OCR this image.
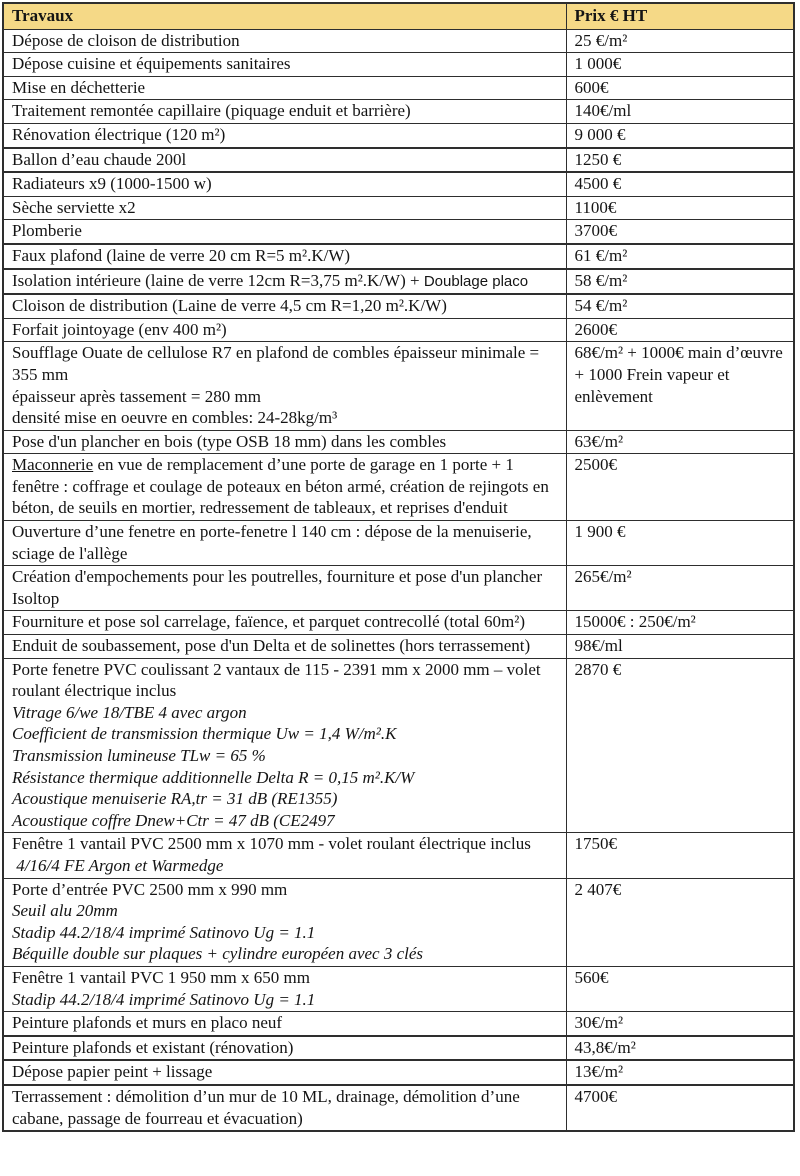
Travaux	Prix € HT

Dépose de cloison de distribution	25 €/m²

Dépose cuisine et équipements sanitaires	1 000€

Mise en déchetterie	600€

Traitement remontée capillaire (piquage enduit et barrière)	140€/ml

Rénovation électrique (120 m²)	9 000 €

Ballon d’eau chaude 200l	1250 €

Radiateurs x9 (1000-1500 w)	4500 €

Sèche serviette x2	1100€

Plomberie	3700€

Faux plafond (laine de verre 20 cm R=5 m².K/W)	61 €/m²

Isolation intérieure (laine de verre 12cm R=3,75 m².K/W) + Doublage placo	58 €/m²

Cloison de distribution (Laine de verre 4,5 cm R=1,20 m².K/W)	54 €/m²

Forfait jointoyage (env 400 m²)	2600€

Soufflage Ouate de cellulose R7 en plafond de combles épaisseur minimale = 355 mm
épaisseur après tassement = 280 mm
densité mise en oeuvre en combles: 24-28kg/m³	68€/m² + 1000€ main d’œuvre + 1000 Frein vapeur et enlèvement

Pose d'un plancher en bois (type OSB 18 mm) dans les combles	63€/m²

Maconnerie en vue de remplacement d’une porte de garage en 1 porte + 1 fenêtre : coffrage et coulage de poteaux en béton armé, création de rejingots en béton, de seuils en mortier, redressement de tableaux, et reprises d'enduit	2500€

Ouverture d’une fenetre en porte-fenetre l 140 cm : dépose de la menuiserie, sciage de l'allège	1 900 €

Création d'empochements pour les poutrelles, fourniture et pose d'un plancher Isoltop	265€/m²

Fourniture et pose sol carrelage, faïence, et parquet contrecollé (total 60m²)	15000€ : 250€/m²

Enduit de soubassement, pose d'un Delta et de solinettes (hors terrassement)	98€/ml

Porte fenetre PVC coulissant 2 vantaux de 115 - 2391 mm x 2000 mm – volet roulant électrique inclus
Vitrage 6/we 18/TBE 4 avec argon
Coefficient de transmission thermique Uw = 1,4 W/m².K
Transmission lumineuse TLw = 65 %
Résistance thermique additionnelle Delta R = 0,15 m².K/W
Acoustique menuiserie RA,tr = 31 dB (RE1355)
Acoustique coffre Dnew+Ctr = 47 dB (CE2497
	2870 €

Fenêtre 1 vantail PVC 2500 mm x 1070 mm - volet roulant électrique inclus
4/16/4 FE Argon et Warmedge	1750€

Porte d’entrée PVC 2500 mm x 990 mm
Seuil alu 20mm
Stadip 44.2/18/4 imprimé Satinovo Ug = 1.1
Béquille double sur plaques + cylindre européen avec 3 clés	2 407€

Fenêtre 1 vantail PVC 1 950 mm x 650 mm
Stadip 44.2/18/4 imprimé Satinovo Ug = 1.1	560€

Peinture plafonds et murs en placo neuf	30€/m²

Peinture plafonds et existant (rénovation)	43,8€/m²

Dépose papier peint + lissage	13€/m²

Terrassement : démolition d’un mur de 10 ML, drainage, démolition d’une cabane, passage de fourreau et évacuation)	4700€
